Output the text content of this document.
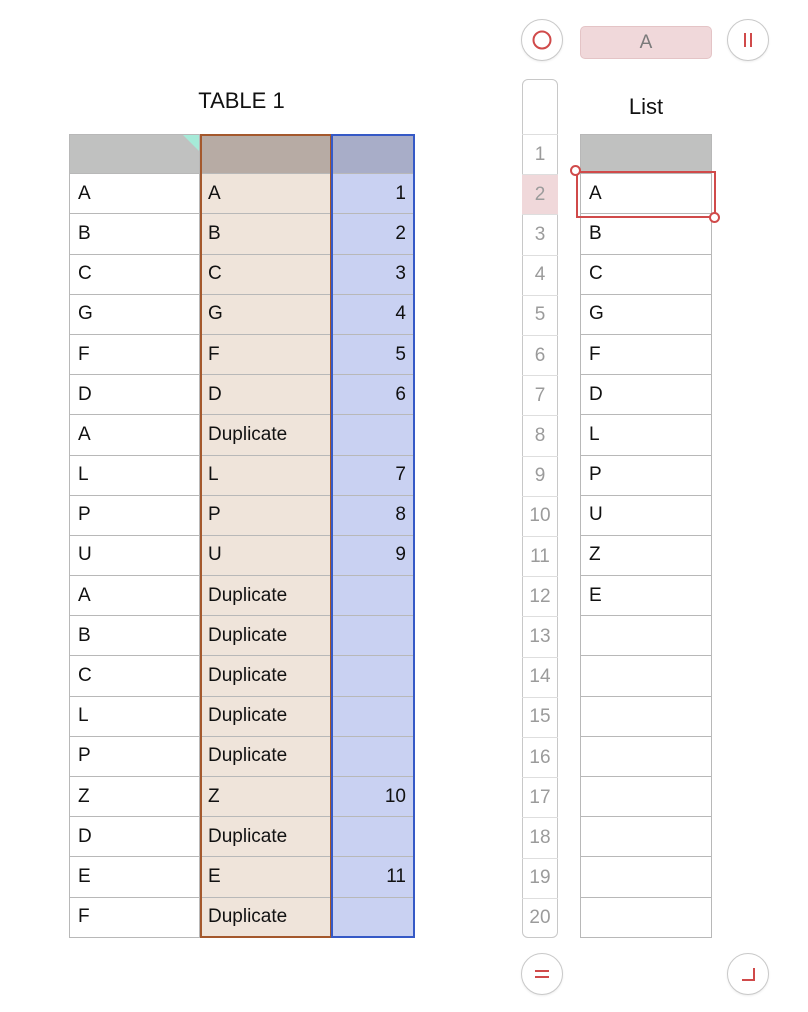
A
TABLE 1
A	A	1
B	B	2
C	C	3
G	G	4
F	F	5
D	D	6
A	Duplicate
L	L	7
P	P	8
U	U	9
A	Duplicate
B	Duplicate
C	Duplicate
L	Duplicate
P	Duplicate
Z	Z	10
D	Duplicate
E	E	11
F	Duplicate
1
2
3
4
5
6
7
8
9
10
11
12
13
14
15
16
17
18
19
20
List
A
B
C
G
F
D
L
P
U
Z
E
